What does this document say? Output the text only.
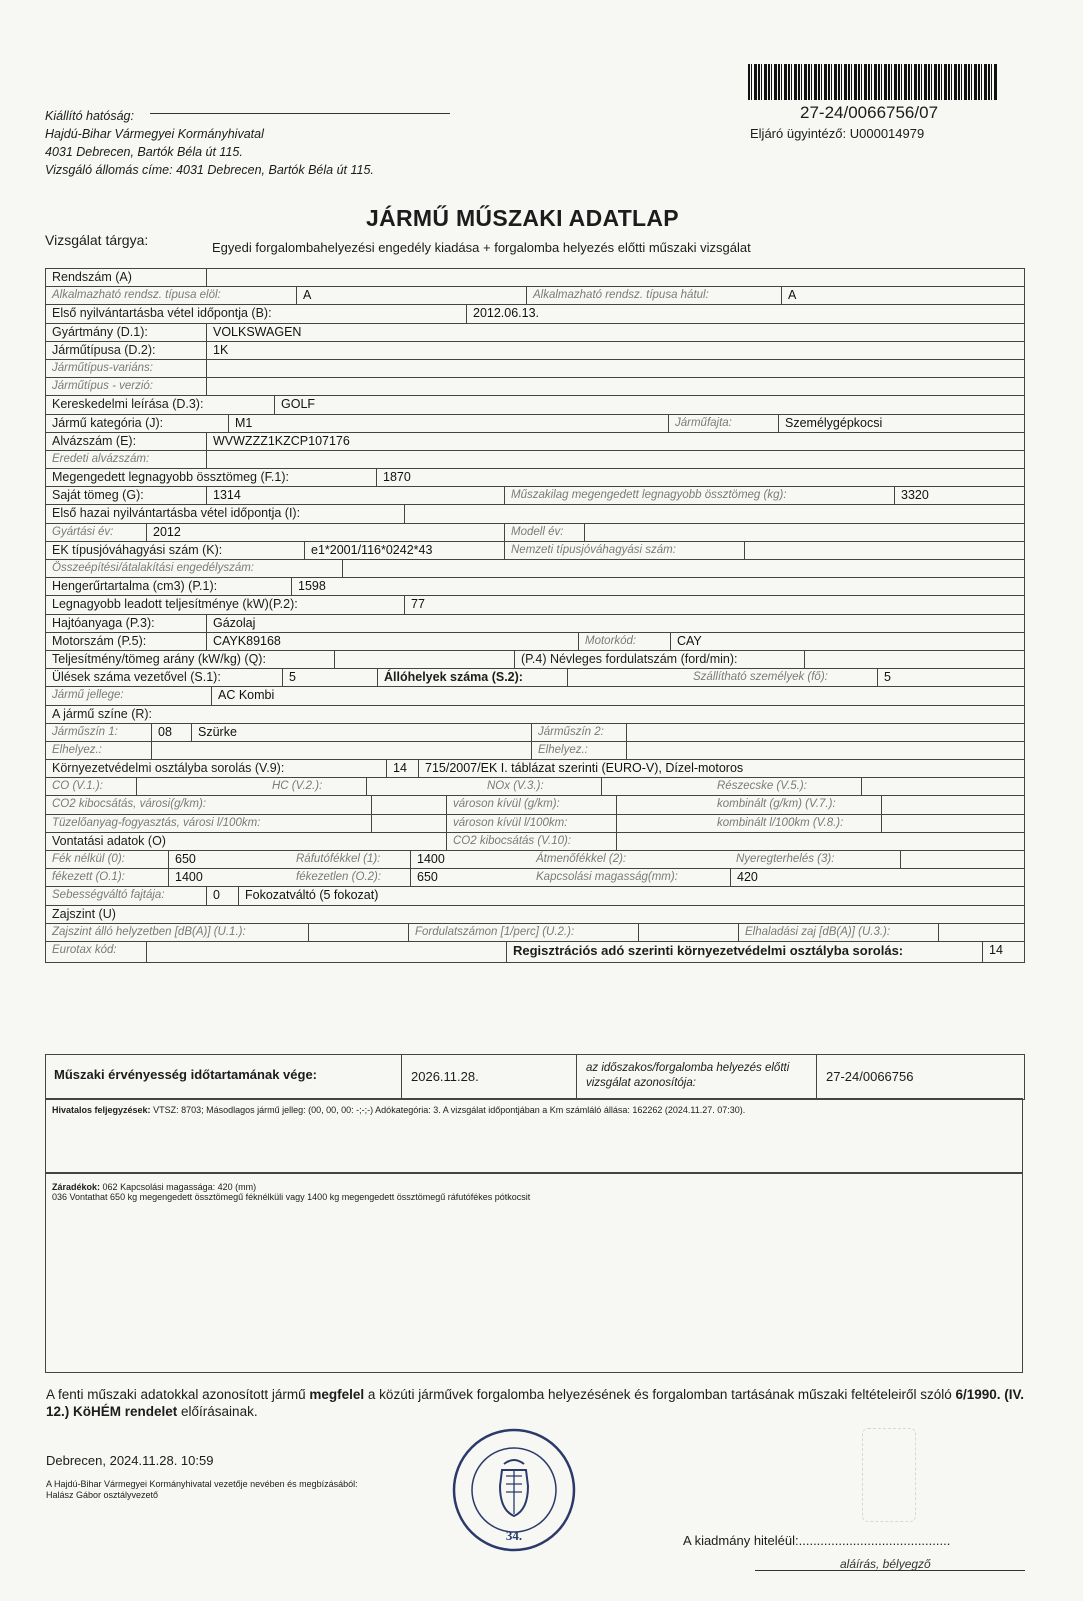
27-24/0066756/07
Eljáró ügyintéző: U000014979
Kiállító hatóság:
Hajdú-Bihar Vármegyei Kormányhivatal
4031 Debrecen, Bartók Béla út 115.
Vizsgáló állomás címe: 4031 Debrecen, Bartók Béla út 115.
JÁRMŰ MŰSZAKI ADATLAP
Vizsgálat tárgya:	Egyedi forgalombahelyezési engedély kiadása + forgalomba helyezés előtti műszaki vizsgálat
Rendszám (A)
Alkalmazható rendsz. típusa elöl:	A	Alkalmazható rendsz. típusa hátul:	A
Első nyilvántartásba vétel időpontja (B):	2012.06.13.
Gyártmány (D.1):	VOLKSWAGEN
Járműtípusa (D.2):	1K
Járműtípus-variáns:
Járműtípus - verzió:
Kereskedelmi leírása (D.3):	GOLF
Jármű kategória (J):	M1	Járműfajta:	Személygépkocsi
Alvázszám (E):	WVWZZZ1KZCP107176
Eredeti alvázszám:
Megengedett legnagyobb össztömeg (F.1):	1870
Saját tömeg (G):	1314	Műszakilag megengedett legnagyobb össztömeg (kg):	3320
Első hazai nyilvántartásba vétel időpontja (I):
Gyártási év:	2012	Modell év:
EK típusjóváhagyási szám (K):	e1*2001/116*0242*43	Nemzeti típusjóváhagyási szám:
Összeépítési/átalakítási engedélyszám:
Hengerűrtartalma (cm3) (P.1):	1598
Legnagyobb leadott teljesítménye (kW)(P.2):	77
Hajtóanyaga (P.3):	Gázolaj
Motorszám (P.5):	CAYK89168	Motorkód:	CAY
Teljesítmény/tömeg arány (kW/kg) (Q):	(P.4) Névleges fordulatszám (ford/min):
Ülések száma vezetővel (S.1):	5	Állóhelyek száma (S.2):	Szállítható személyek (fő):	5
Jármű jellege:	AC Kombi
A jármű színe (R):
Járműszín 1:	08	Szürke	Járműszín 2:
Elhelyez.:	Elhelyez.:
Környezetvédelmi osztályba sorolás (V.9):	14	715/2007/EK I. táblázat szerinti (EURO-V), Dízel-motoros
CO (V.1.):	HC (V.2.):	NOx (V.3.):	Részecske (V.5.):
CO2 kibocsátás, városi(g/km):	városon kívül (g/km):	kombinált (g/km) (V.7.):
Tüzelőanyag-fogyasztás, városi l/100km:	városon kívül l/100km:	kombinált l/100km (V.8.):
Vontatási adatok (O)	CO2 kibocsátás (V.10):
Fék nélkül (0):	650	Ráfutófékkel (1):	1400	Átmenőfékkel (2):	Nyeregterhelés (3):
fékezett (O.1):	1400	fékezetlen (O.2):	650	Kapcsolási magasság(mm):	420
Sebességváltó fajtája:	0	Fokozatváltó (5 fokozat)
Zajszint (U)
Zajszint álló helyzetben [dB(A)] (U.1.):	Fordulatszámon [1/perc] (U.2.):	Elhaladási zaj [dB(A)] (U.3.):
Eurotax kód:	Regisztrációs adó szerinti környezetvédelmi osztályba sorolás:	14
Műszaki érvényesség időtartamának vége:	2026.11.28.
az időszakos/forgalomba helyezés előtti vizsgálat azonosítója:	27-24/0066756
Hivatalos feljegyzések: VTSZ: 8703; Másodlagos jármű jelleg: (00, 00, 00: -;-;-) Adókategória: 3. A vizsgálat időpontjában a Km számláló állása: 162262 (2024.11.27. 07:30).
Záradékok: 062 Kapcsolási magassága: 420 (mm)
036 Vontathat 650 kg megengedett össztömegű féknélküli vagy 1400 kg megengedett össztömegű ráfutófékes pótkocsit
A fenti műszaki adatokkal azonosított jármű megfelel a közúti járművek forgalomba helyezésének és forgalomban tartásának műszaki feltételeiről szóló 6/1990. (IV. 12.) KöHÉM rendelet előírásainak.
Debrecen, 2024.11.28. 10:59
A Hajdú-Bihar Vármegyei Kormányhivatal vezetője nevében és megbízásából:
Halász Gábor osztályvezető
34.	A kiadmány hiteléül:..........................................
aláírás, bélyegző
